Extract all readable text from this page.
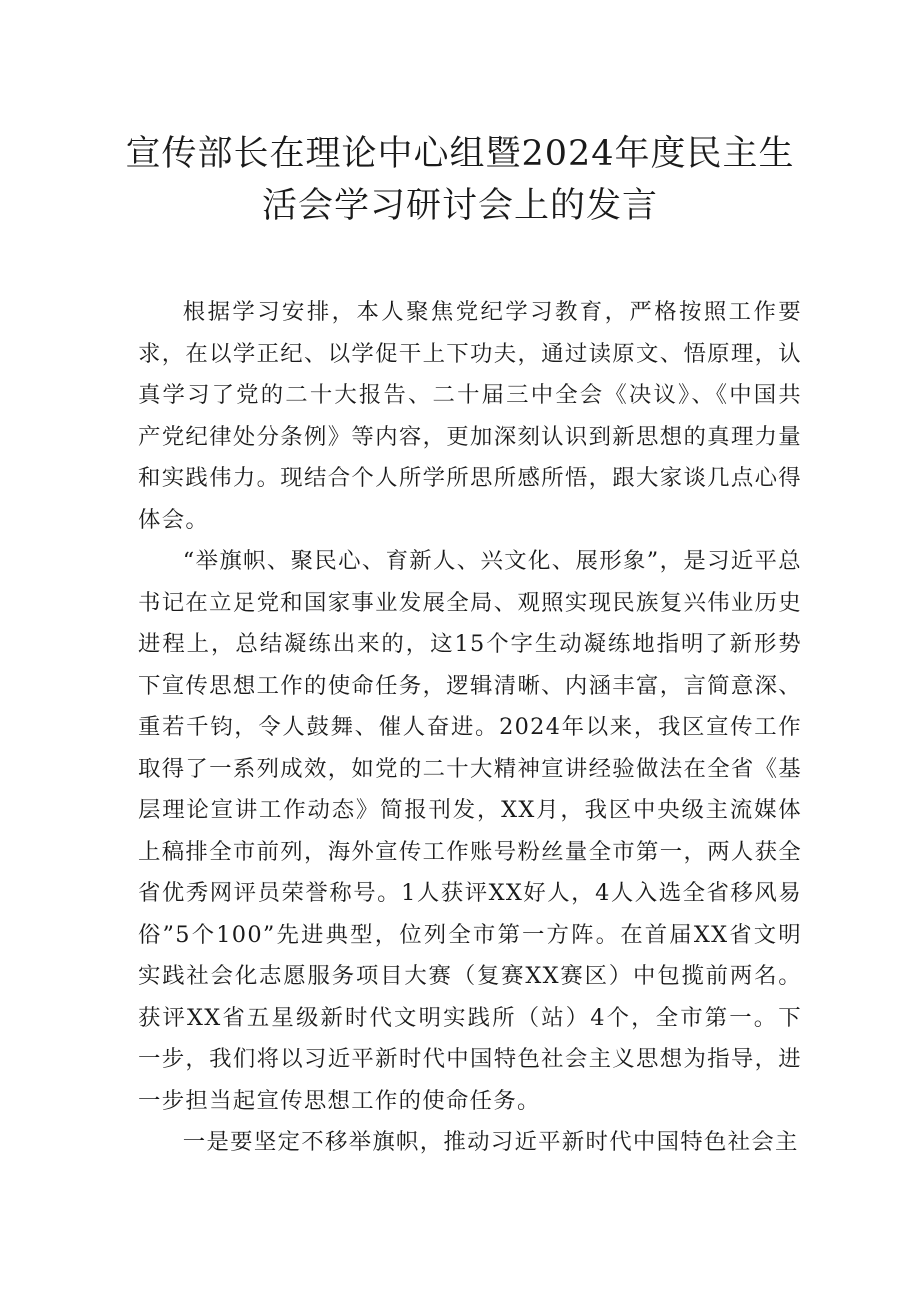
宣传部长在理论中心组暨2024年度民主生
活会学习研讨会上的发言

根据学习安排，本人聚焦党纪学习教育，严格按照工作要求，在以学正纪、以学促干上下功夫，通过读原文、悟原理，认真学习了党的二十大报告、二十届三中全会《决议》、《中国共产党纪律处分条例》等内容，更加深刻认识到新思想的真理力量和实践伟力。现结合个人所学所思所感所悟，跟大家谈几点心得体会。

“举旗帜、聚民心、育新人、兴文化、展形象”，是习近平总书记在立足党和国家事业发展全局、观照实现民族复兴伟业历史进程上，总结凝练出来的，这15个字生动凝练地指明了新形势下宣传思想工作的使命任务，逻辑清晰、内涵丰富，言简意深、重若千钧，令人鼓舞、催人奋进。2024年以来，我区宣传工作取得了一系列成效，如党的二十大精神宣讲经验做法在全省《基层理论宣讲工作动态》简报刊发，XX月，我区中央级主流媒体上稿排全市前列，海外宣传工作账号粉丝量全市第一，两人获全省优秀网评员荣誉称号。1人获评XX好人，4人入选全省移风易俗”5个100”先进典型，位列全市第一方阵。在首届XX省文明实践社会化志愿服务项目大赛（复赛XX赛区）中包揽前两名。获评XX省五星级新时代文明实践所（站）4个，全市第一。下一步，我们将以习近平新时代中国特色社会主义思想为指导，进一步担当起宣传思想工作的使命任务。

一是要坚定不移举旗帜，推动习近平新时代中国特色社会主
